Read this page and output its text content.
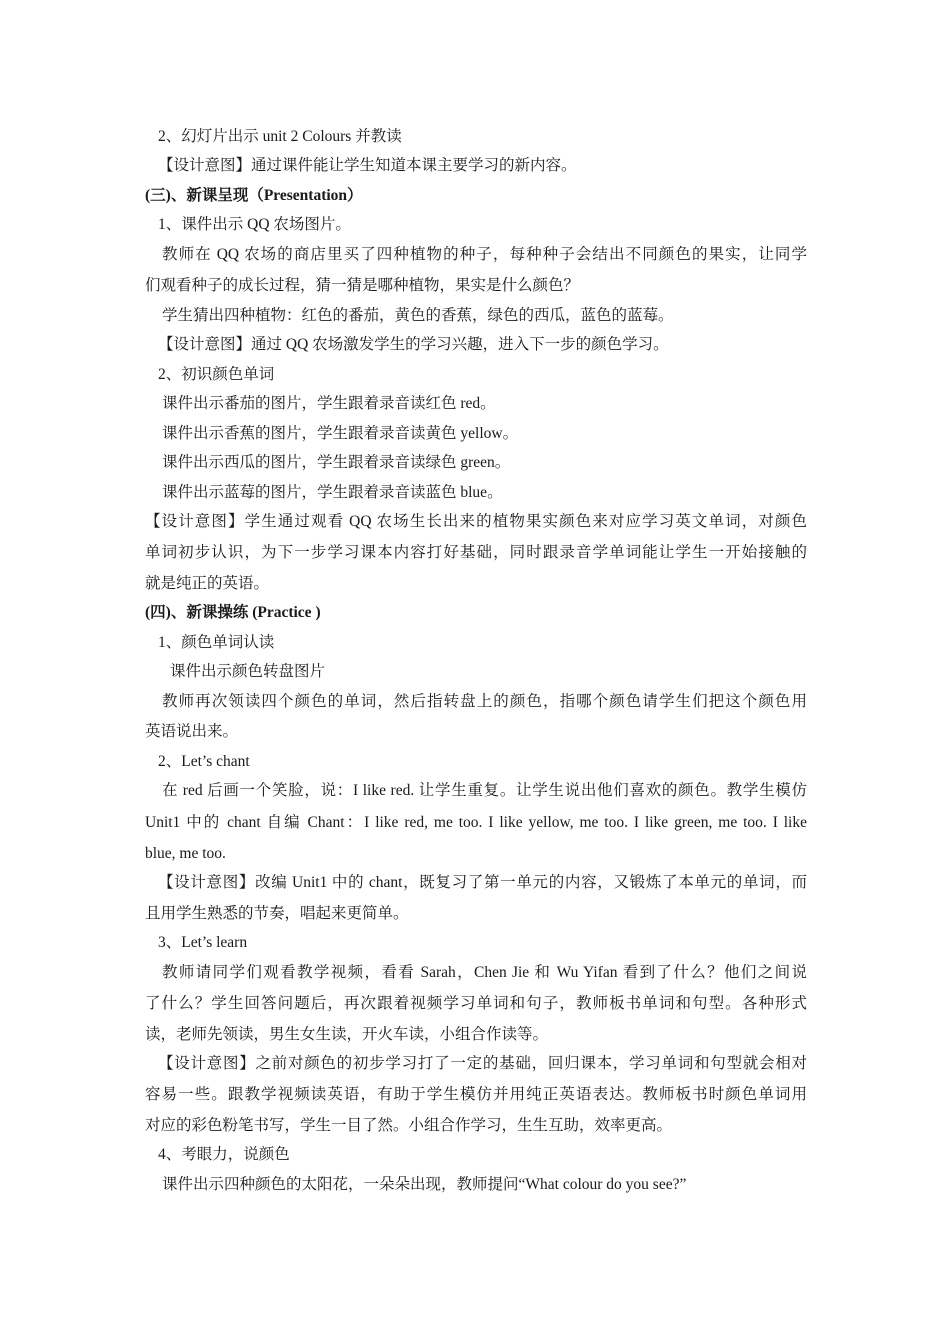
2、幻灯片出示 unit 2 Colours 并教读
【设计意图】通过课件能让学生知道本课主要学习的新内容。
(三)、新课呈现（Presentation）
1、课件出示 QQ 农场图片。
教师在 QQ 农场的商店里买了四种植物的种子，每种种子会结出不同颜色的果实，让同学
们观看种子的成长过程，猜一猜是哪种植物，果实是什么颜色？
学生猜出四种植物：红色的番茄，黄色的香蕉，绿色的西瓜，蓝色的蓝莓。
【设计意图】通过 QQ 农场激发学生的学习兴趣，进入下一步的颜色学习。
2、初识颜色单词
课件出示番茄的图片，学生跟着录音读红色 red。
课件出示香蕉的图片，学生跟着录音读黄色 yellow。
课件出示西瓜的图片，学生跟着录音读绿色 green。
课件出示蓝莓的图片，学生跟着录音读蓝色 blue。
【设计意图】学生通过观看 QQ 农场生长出来的植物果实颜色来对应学习英文单词，对颜色
单词初步认识，为下一步学习课本内容打好基础，同时跟录音学单词能让学生一开始接触的
就是纯正的英语。
(四)、新课操练 (Practice )
1、颜色单词认读
课件出示颜色转盘图片
教师再次领读四个颜色的单词，然后指转盘上的颜色，指哪个颜色请学生们把这个颜色用
英语说出来。
2、Let’s chant
在 red 后画一个笑脸，说：I like red. 让学生重复。让学生说出他们喜欢的颜色。教学生模仿
Unit1 中的 chant 自编 Chant：I like red, me too. I like yellow, me too. I like green, me too. I like
blue, me too.
【设计意图】改编 Unit1 中的 chant，既复习了第一单元的内容，又锻炼了本单元的单词，而
且用学生熟悉的节奏，唱起来更简单。
3、Let’s learn
教师请同学们观看教学视频，看看 Sarah，Chen Jie 和 Wu Yifan 看到了什么？他们之间说
了什么？学生回答问题后，再次跟着视频学习单词和句子，教师板书单词和句型。各种形式
读，老师先领读，男生女生读，开火车读，小组合作读等。
【设计意图】之前对颜色的初步学习打了一定的基础，回归课本，学习单词和句型就会相对
容易一些。跟教学视频读英语，有助于学生模仿并用纯正英语表达。教师板书时颜色单词用
对应的彩色粉笔书写，学生一目了然。小组合作学习，生生互助，效率更高。
4、考眼力，说颜色
课件出示四种颜色的太阳花，一朵朵出现，教师提问“What colour do you see?”
